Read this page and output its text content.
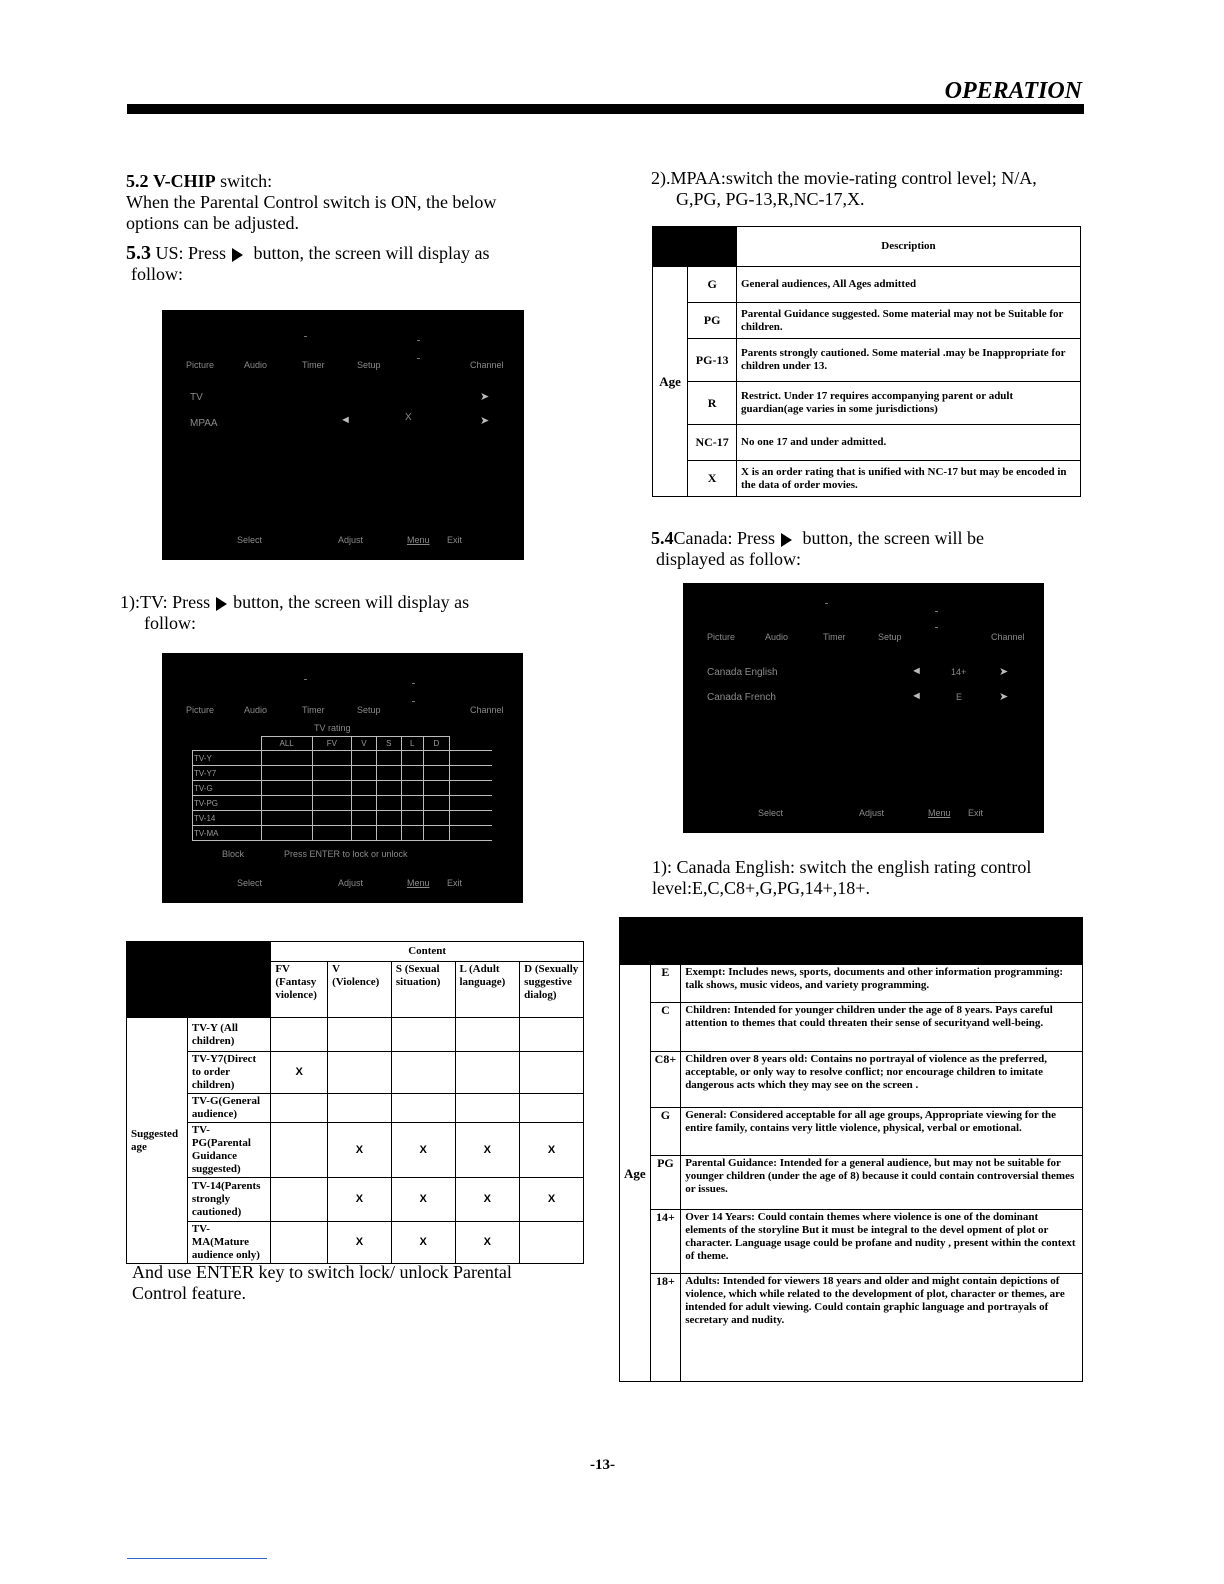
OPERATION
5.2 V-CHIP switch:
When the Parental Control switch is ON, the below
options can be adjusted.
5.3 US: Press button, the screen will display as
follow:
Picture	Audio	Timer	Setup	Channel
TV	➤
MPAA	◄	X	➤
Select	Adjust	Menu Exit
1):TV: Press button, the screen will display as
follow:
Picture	Audio	Timer	Setup	Channel
TV rating
	ALL	FV	V	S	L	D	
TV-Y							
TV-Y7							
TV-G							
TV-PG							
TV-14							
TV-MA							
Block	Press ENTER to lock or unlock
Select	Adjust	Menu Exit
		Content				
		FV (Fantasy violence)	V (Violence)	S (Sexual situation)	L (Adult language)	D (Sexually suggestive dialog)
Suggested age	TV-Y (All children)					
	TV-Y7(Direct to order children)	X				
	TV-G(General audience)					
	TV-PG(Parental Guidance suggested)		X	X	X	X
	TV-14(Parents strongly cautioned)		X	X	X	X
	TV-MA(Mature audience only)		X	X	X	
And use ENTER key to switch lock/ unlock Parental
Control feature.
2).MPAA:switch the movie-rating control level; N/A,
G,PG, PG-13,R,NC-17,X.
		Description
Age	G	General audiences, All Ages admitted
	PG	Parental Guidance suggested. Some material may not be Suitable for children.
	PG-13	Parents strongly cautioned. Some material .may be Inappropriate for children under 13.
	R	Restrict. Under 17 requires accompanying parent or adult guardian(age varies in some jurisdictions)
	NC-17	No one 17 and under admitted.
	X	X is an order rating that is unified with NC-17 but may be encoded in the data of order movies.
5.4Canada: Press button, the screen will be
displayed as follow:
Picture	Audio	Timer	Setup	Channel
Canada English	◄	14+	➤
Canada French	◄	E	➤
Select	Adjust	Menu Exit
1): Canada English: switch the english rating control
level:E,C,C8+,G,PG,14+,18+.
Age	E	Exempt: Includes news, sports, documents and other information programming: talk shows, music videos, and variety programming.
	C	Children: Intended for younger children under the age of 8 years. Pays careful attention to themes that could threaten their sense of securityand well-being.
	C8+	Children over 8 years old: Contains no portrayal of violence as the preferred, acceptable, or only way to resolve conflict; nor encourage children to imitate dangerous acts which they may see on the screen .
	G	General: Considered acceptable for all age groups, Appropriate viewing for the entire family, contains very little violence, physical, verbal or emotional.
	PG	Parental Guidance: Intended for a general audience, but may not be suitable for younger children (under the age of 8) because it could contain controversial themes or issues.
	14+	Over 14 Years: Could contain themes where violence is one of the dominant elements of the storyline But it must be integral to the devel opment of plot or character. Language usage could be profane and nudity , present within the context of theme.
	18+	Adults: Intended for viewers 18 years and older and might contain depictions of violence, which while related to the development of plot, character or themes, are intended for adult viewing. Could contain graphic language and portrayals of secretary and nudity.
-13-
